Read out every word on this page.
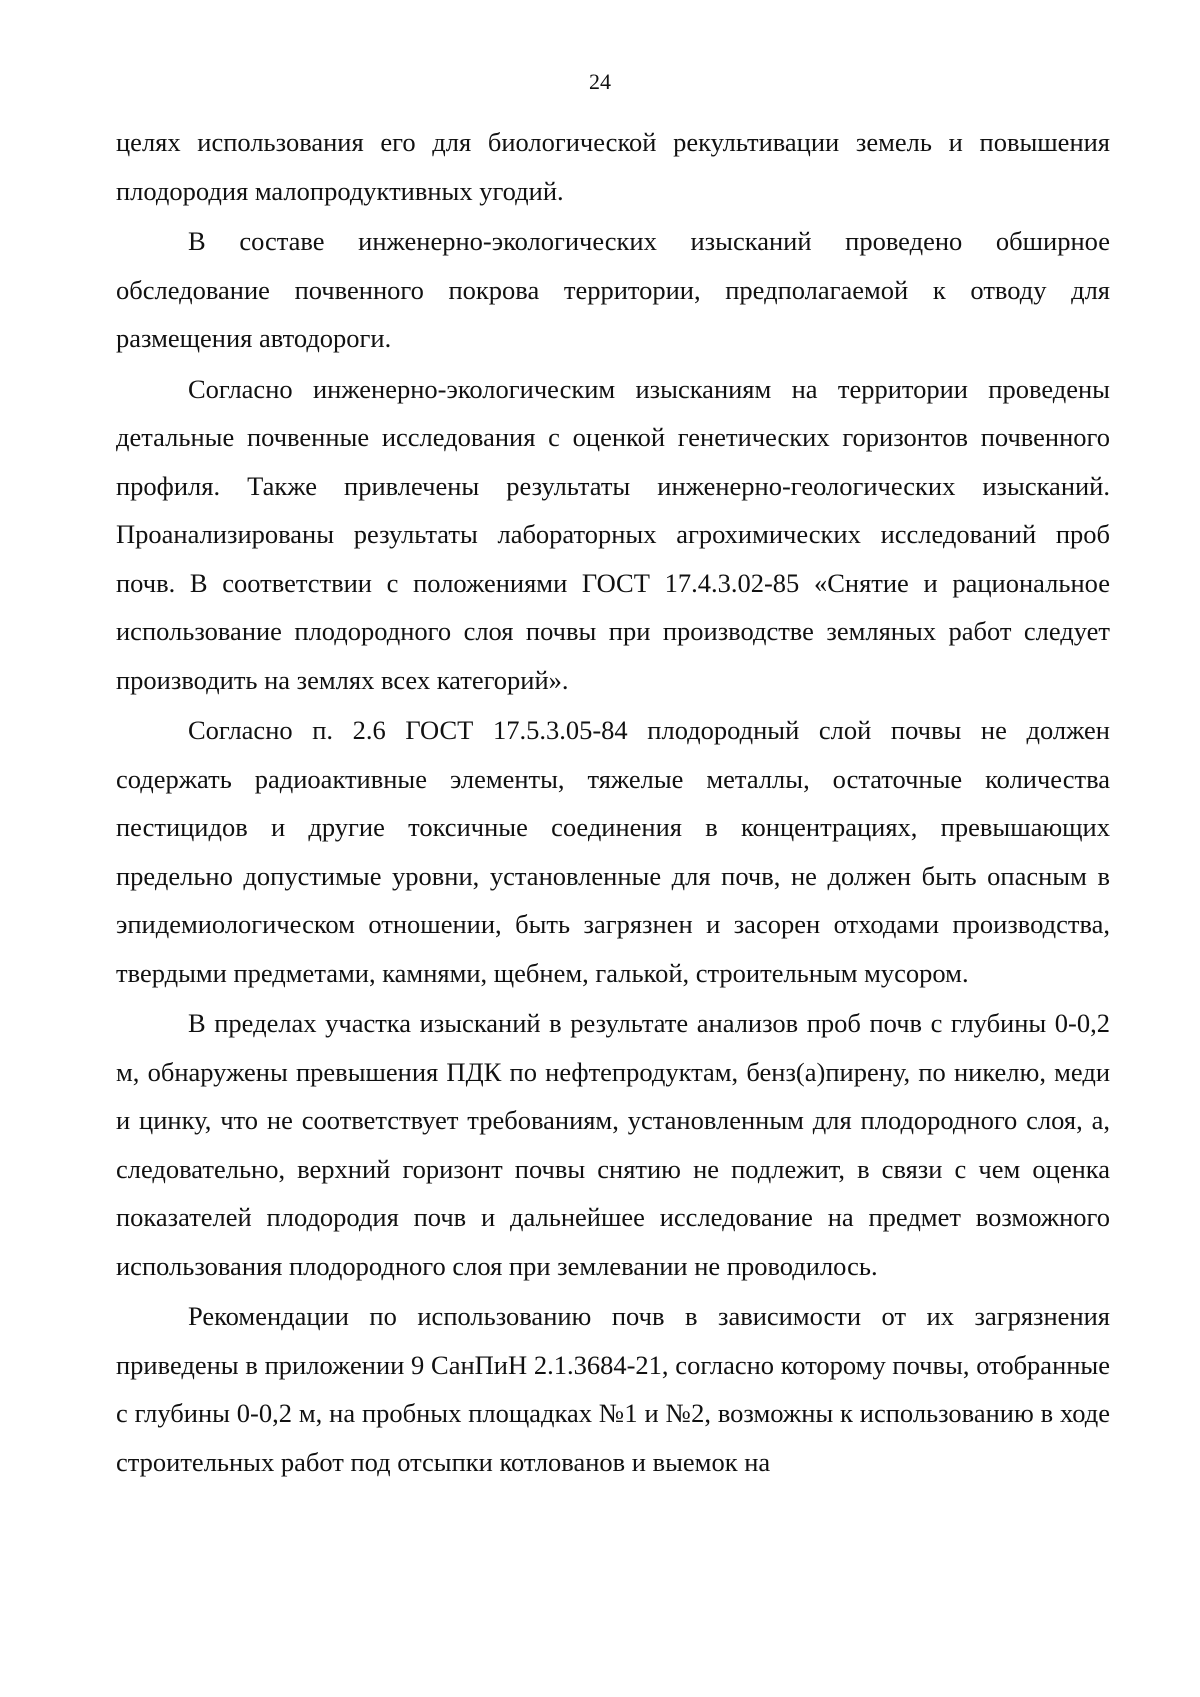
24

целях использования его для биологической рекультивации земель и повышения плодородия малопродуктивных угодий.

В составе инженерно-экологических изысканий проведено обширное обследование почвенного покрова территории, предполагаемой к отводу для размещения автодороги.

Согласно инженерно-экологическим изысканиям на территории проведены детальные почвенные исследования с оценкой генетических горизонтов почвенного профиля. Также привлечены результаты инженерно-геологических изысканий. Проанализированы результаты лабораторных агрохимических исследований проб почв. В соответствии с положениями ГОСТ 17.4.3.02-85 «Снятие и рациональное использование плодородного слоя почвы при производстве земляных работ следует производить на землях всех категорий».

Согласно п. 2.6 ГОСТ 17.5.3.05-84 плодородный слой почвы не должен содержать радиоактивные элементы, тяжелые металлы, остаточные количества пестицидов и другие токсичные соединения в концентрациях, превышающих предельно допустимые уровни, установленные для почв, не должен быть опасным в эпидемиологическом отношении, быть загрязнен и засорен отходами производства, твердыми предметами, камнями, щебнем, галькой, строительным мусором.

В пределах участка изысканий в результате анализов проб почв с глубины 0-0,2 м, обнаружены превышения ПДК по нефтепродуктам, бенз(а)пирену, по никелю, меди и цинку, что не соответствует требованиям, установленным для плодородного слоя, а, следовательно, верхний горизонт почвы снятию не подлежит, в связи с чем оценка показателей плодородия почв и дальнейшее исследование на предмет возможного использования плодородного слоя при землевании не проводилось.

Рекомендации по использованию почв в зависимости от их загрязнения приведены в приложении 9 СанПиН 2.1.3684-21, согласно которому почвы, отобранные с глубины 0-0,2 м, на пробных площадках №1 и №2, возможны к использованию в ходе строительных работ под отсыпки котлованов и выемок на
